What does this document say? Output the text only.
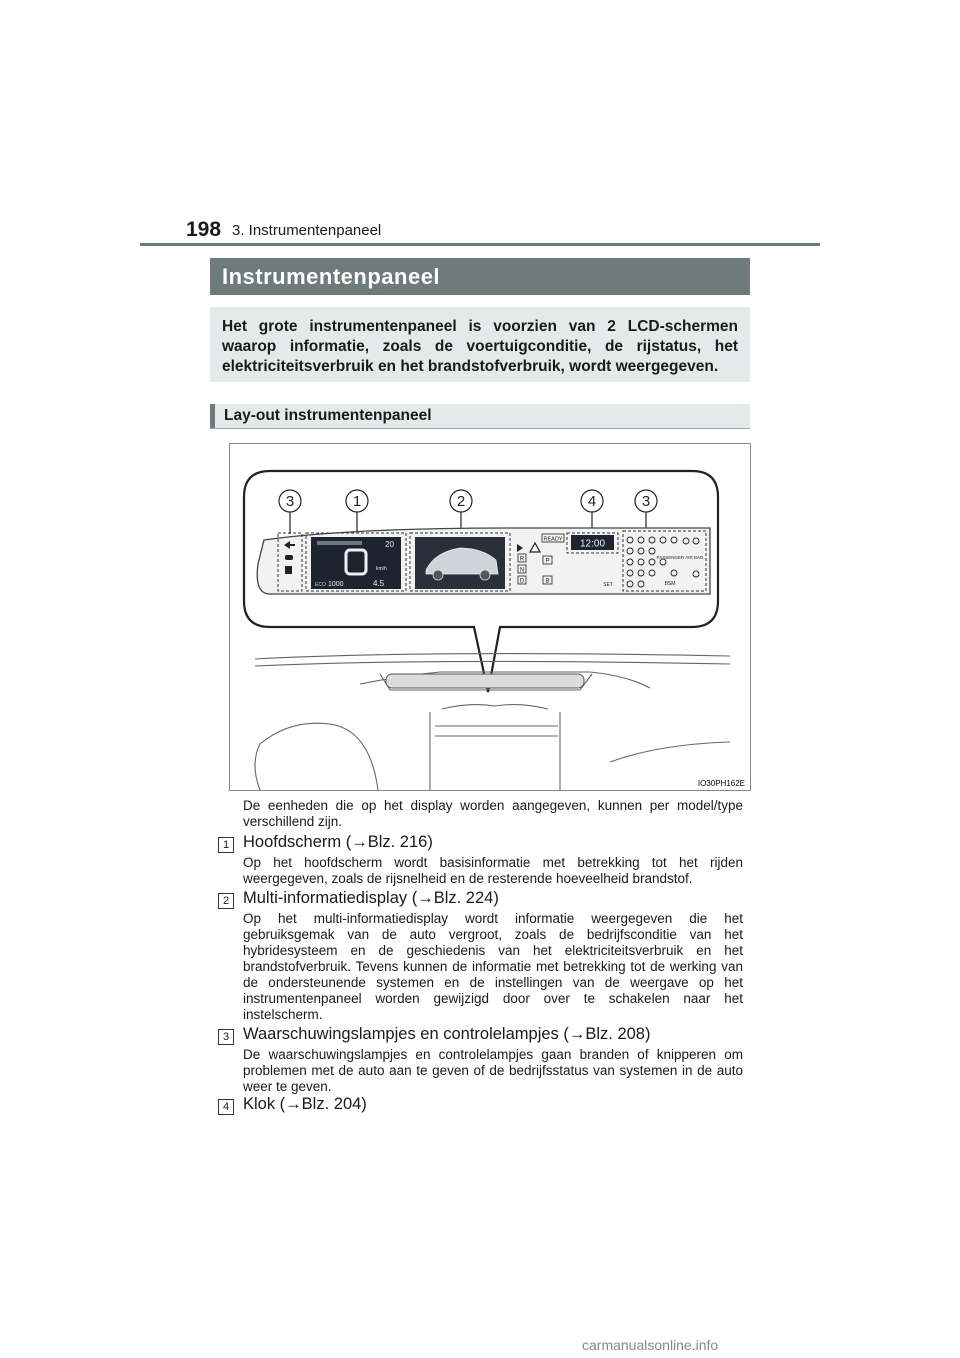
198 3. Instrumentenpaneel
Instrumentenpaneel

Het grote instrumentenpaneel is voorzien van 2 LCD-schermen waarop informatie, zoals de voertuigconditie, de rijstatus, het elektriciteitsverbruik en het brandstofverbruik, wordt weergegeven.

Lay-out instrumentenpaneel
3	1	2	4	3
20
km/h
ECO 1000	4.5
READY 12:00
R
N
D
P
B
PASSENGER AIR BAG
BSM
SET
IO30PH162E
De eenheden die op het display worden aangegeven, kunnen per model/type verschillend zijn.
1 Hoofdscherm (→Blz. 216)

Op het hoofdscherm wordt basisinformatie met betrekking tot het rijden weergegeven, zoals de rijsnelheid en de resterende hoeveelheid brandstof.

2 Multi-informatiedisplay (→Blz. 224)

Op het multi-informatiedisplay wordt informatie weergegeven die het gebruiksgemak van de auto vergroot, zoals de bedrijfsconditie van het hybridesysteem en de geschiedenis van het elektriciteitsverbruik en het brandstofverbruik. Tevens kunnen de informatie met betrekking tot de werking van de ondersteunende systemen en de instellingen van de weergave op het instrumentenpaneel worden gewijzigd door over te schakelen naar het instelscherm.

3 Waarschuwingslampjes en controlelampjes (→Blz. 208)

De waarschuwingslampjes en controlelampjes gaan branden of knipperen om problemen met de auto aan te geven of de bedrijfsstatus van systemen in de auto weer te geven.

4 Klok (→Blz. 204)
carmanualsonline.info
